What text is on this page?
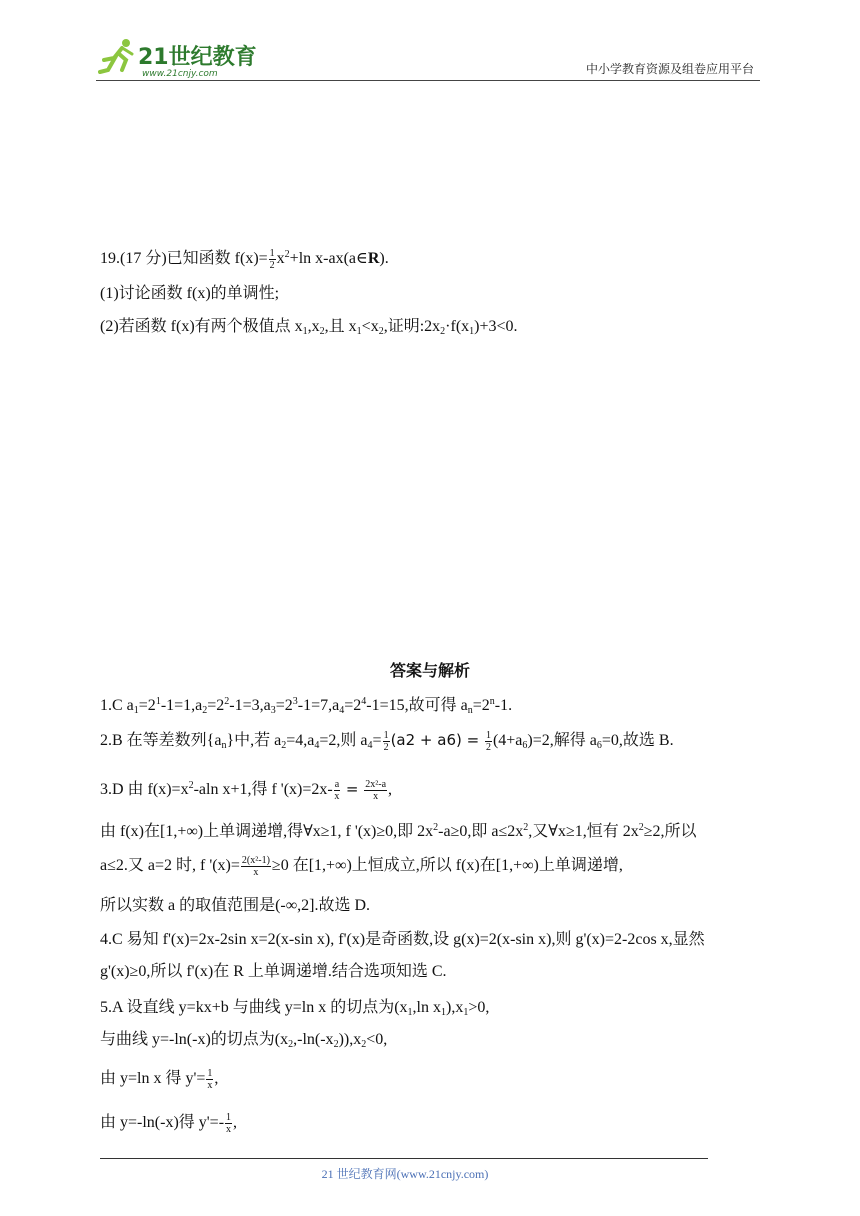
21世纪教育
www.21cnjy.com	中小学教育资源及组卷应用平台
19.(17 分)已知函数 $f(x)= \frac{1}{2} x^2+\ln$ x-ax(a∈R).
(1)讨论函数 f(x)的单调性;
(2)若函数 f(x)有两个极值点 $x_1,x_2$,且 $x_1<x_2$,证明$:2x_2\cdot f(x_1)+3<0$.
答案与解析
1.C $a_1=2^1-1=1,a_2=2^2-1=3,a_3=2^3-1=7,a_4=2^4-1=15$,故可得 $a_n=2^n-1$.
2.B 在等差数列$\{a_n\}$中,若 $a_2=4,a_4=2$,则 $a_4= \frac{1}{2} (a2 + a6) = \frac{1}{2} (4+a_6)=2$,解得 $a_6=0$,故选 B.
3.D 由 $f(x)=x^2$-aln x+1,得 f '$(x)=2x- \frac{a}{x} = \frac{\text{2x²-a}}{x}$ ,
由 f(x)在[1,+∞)上单调递增,得∀x≥1, f '(x)≥0,即 $2x^2-a\ge 0$,即 $a\le 2x^2$,又∀x≥1,恒有 $2x^2\ge 2$,所以
a≤2.又 a=2 时, f '$(x)= \frac{\text{2(x²-1)}}{x} \ge 0$ 在[1,+∞)上恒成立,所以 f(x)在[1,+∞)上单调递增,
所以实数 a 的取值范围是(-∞,2].故选 D.
4.C 易知 f'(x)=2x-2sin x=2(x-sin x), f'(x)是奇函数,设 g(x)=2(x-sin x),则 g'(x)=2-2cos x,显然
g'(x)≥0,所以 f'(x)在 R 上单调递增.结合选项知选 C.
5.A 设直线 y=kx+b 与曲线 y=ln x 的切点为($x_1,\ln$ $x_1),x_1>0$,
与曲线 y=-ln(-x)的切点为$(x_2,-\ln(-x_2)),x_2<0$,
由 y=ln x 得 $y'= \frac{1}{x}$ ,
由 y=-ln(-x)得 $y'=- \frac{1}{x}$ ,
21 世纪教育网(www.21cnjy.com)
